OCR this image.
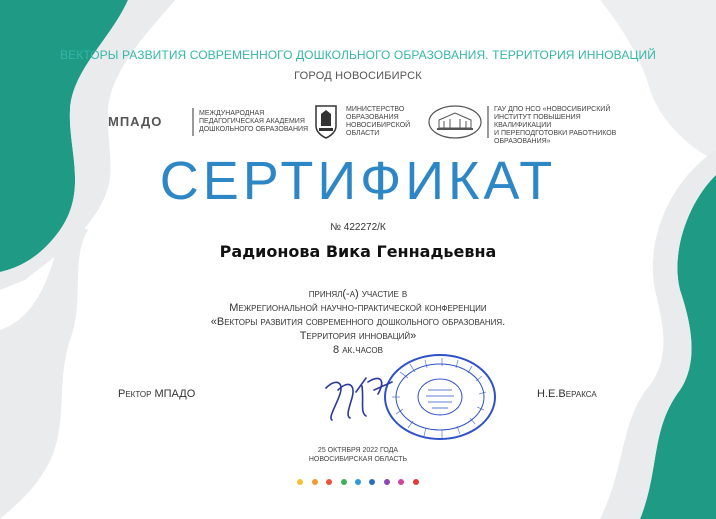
ВЕКТОРЫ РАЗВИТИЯ СОВРЕМЕННОГО ДОШКОЛЬНОГО ОБРАЗОВАНИЯ. ТЕРРИТОРИЯ ИННОВАЦИЙ
ГОРОД НОВОСИБИРСК
МПАДО
МЕЖДУНАРОДНАЯ
ПЕДАГОГИЧЕСКАЯ АКАДЕМИЯ
ДОШКОЛЬНОГО ОБРАЗОВАНИЯ
МИНИСТЕРСТВО
ОБРАЗОВАНИЯ
НОВОСИБИРСКОЙ
ОБЛАСТИ
ГАУ ДПО НСО «НОВОСИБИРСКИЙ
ИНСТИТУТ ПОВЫШЕНИЯ КВАЛИФИКАЦИИ
И ПЕРЕПОДГОТОВКИ РАБОТНИКОВ
ОБРАЗОВАНИЯ»
СЕРТИФИКАТ
№ 422272/К
Радионова Вика Геннадьевна
принял(-а) участие в
Межрегиональной научно-практической конференции
«Векторы развития современного дошкольного образования.
Территория инноваций»
8 ак.часов
Ректор МПАДО	Н.Е.Веракса
25 ОКТЯБРЯ 2022 ГОДА
НОВОСИБИРСКАЯ ОБЛАСТЬ
